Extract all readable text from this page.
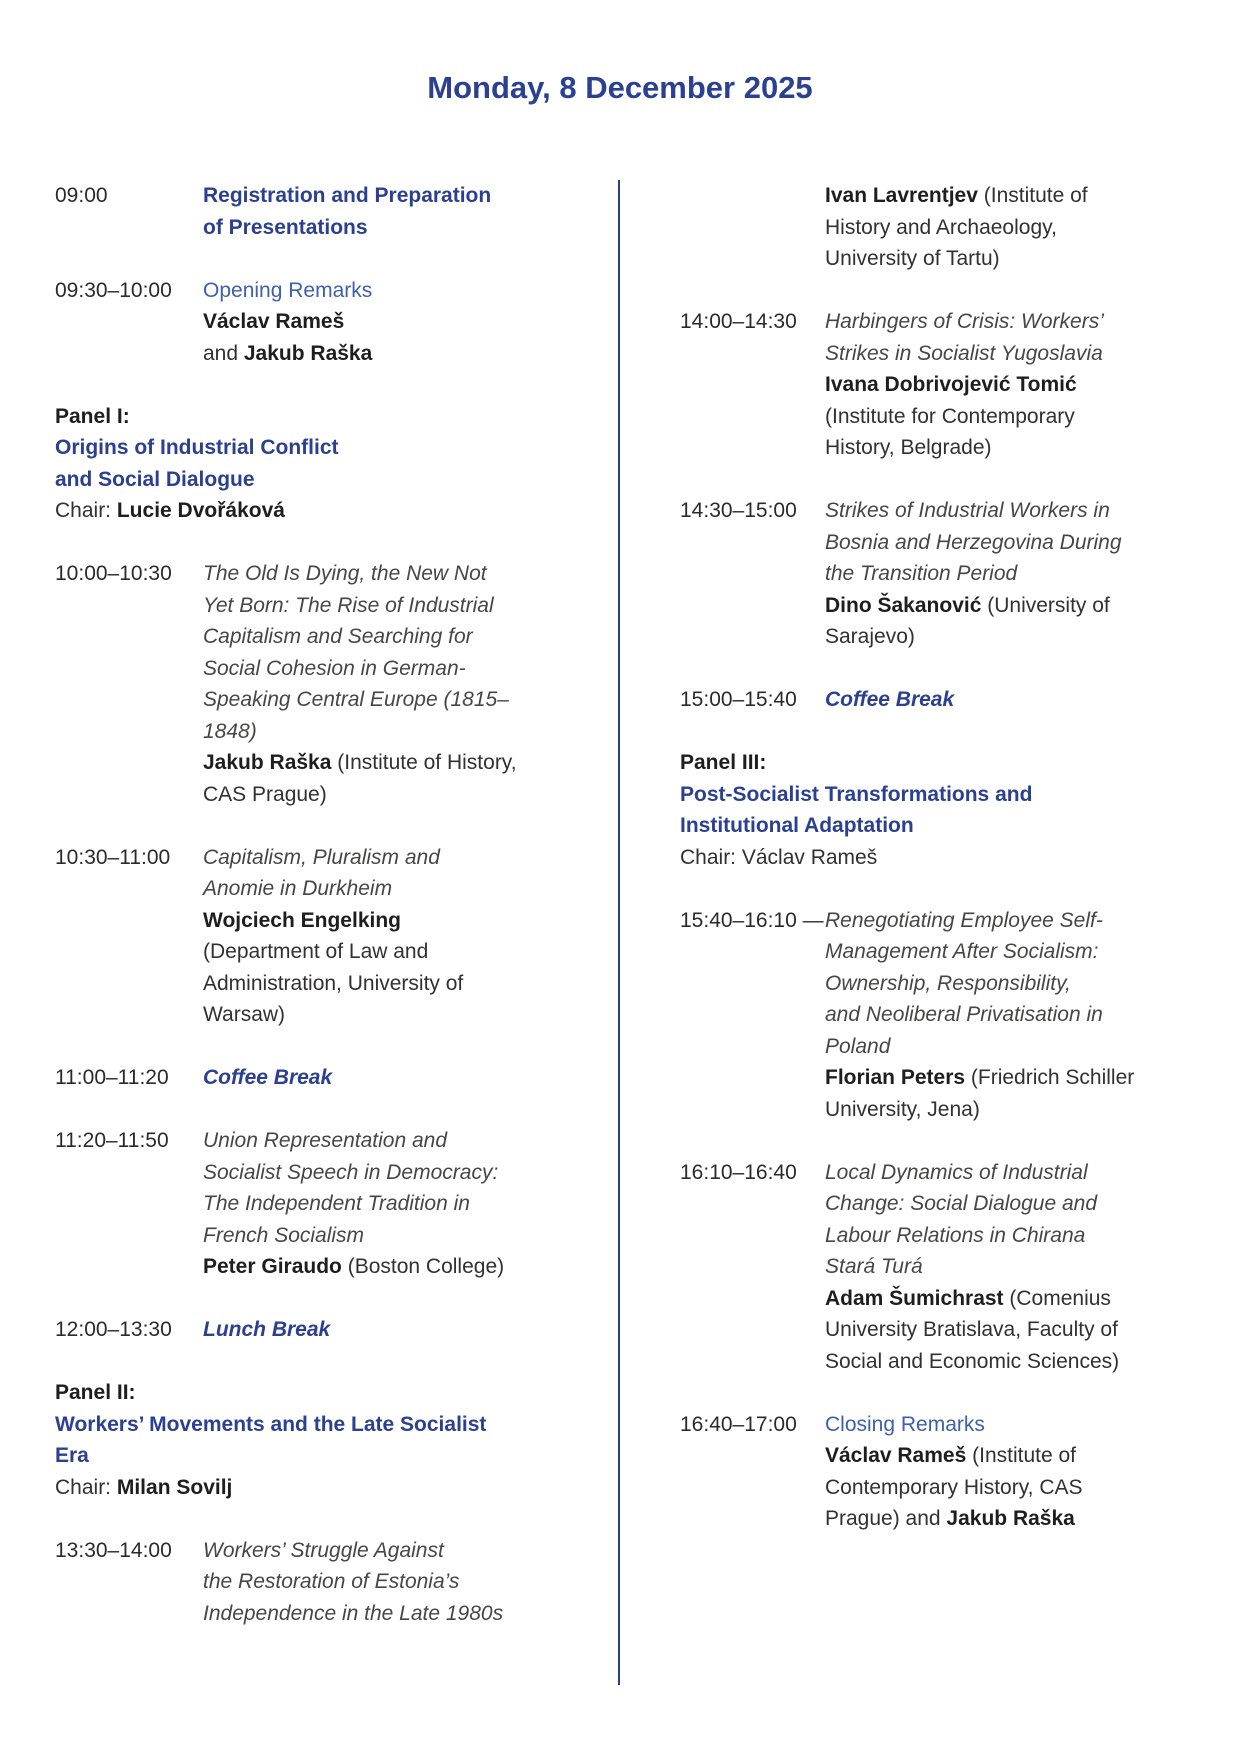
Monday, 8 December 2025
09:00	Registration and Preparation
of Presentations
09:30–10:00	Opening Remarks
Václav Rameš
and Jakub Raška
Panel I:
Origins of Industrial Conflict
and Social Dialogue
Chair: Lucie Dvořáková
10:00–10:30	The Old Is Dying, the New Not
Yet Born: The Rise of Industrial
Capitalism and Searching for
Social Cohesion in German-
Speaking Central Europe (1815–
1848)
Jakub Raška (Institute of History,
CAS Prague)
10:30–11:00	Capitalism, Pluralism and
Anomie in Durkheim
Wojciech Engelking
(Department of Law and
Administration, University of
Warsaw)
11:00–11:20	Coffee Break
11:20–11:50	Union Representation and
Socialist Speech in Democracy:
The Independent Tradition in
French Socialism
Peter Giraudo (Boston College)
12:00–13:30	Lunch Break
Panel II:
Workers’ Movements and the Late Socialist
Era
Chair: Milan Sovilj
13:30–14:00	Workers’ Struggle Against
the Restoration of Estonia’s
Independence in the Late 1980s
Ivan Lavrentjev (Institute of
History and Archaeology,
University of Tartu)
14:00–14:30	Harbingers of Crisis: Workers’
Strikes in Socialist Yugoslavia
Ivana Dobrivojević Tomić
(Institute for Contemporary
History, Belgrade)
14:30–15:00	Strikes of Industrial Workers in
Bosnia and Herzegovina During
the Transition Period
Dino Šakanović (University of
Sarajevo)
15:00–15:40	Coffee Break
Panel III:
Post-Socialist Transformations and
Institutional Adaptation
Chair: Václav Rameš
15:40–16:10 — Renegotiating Employee Self-
Management After Socialism:
Ownership, Responsibility,
and Neoliberal Privatisation in
Poland
Florian Peters (Friedrich Schiller
University, Jena)
16:10–16:40	Local Dynamics of Industrial
Change: Social Dialogue and
Labour Relations in Chirana
Stará Turá
Adam Šumichrast (Comenius
University Bratislava, Faculty of
Social and Economic Sciences)
16:40–17:00	Closing Remarks
Václav Rameš (Institute of
Contemporary History, CAS
Prague) and Jakub Raška
